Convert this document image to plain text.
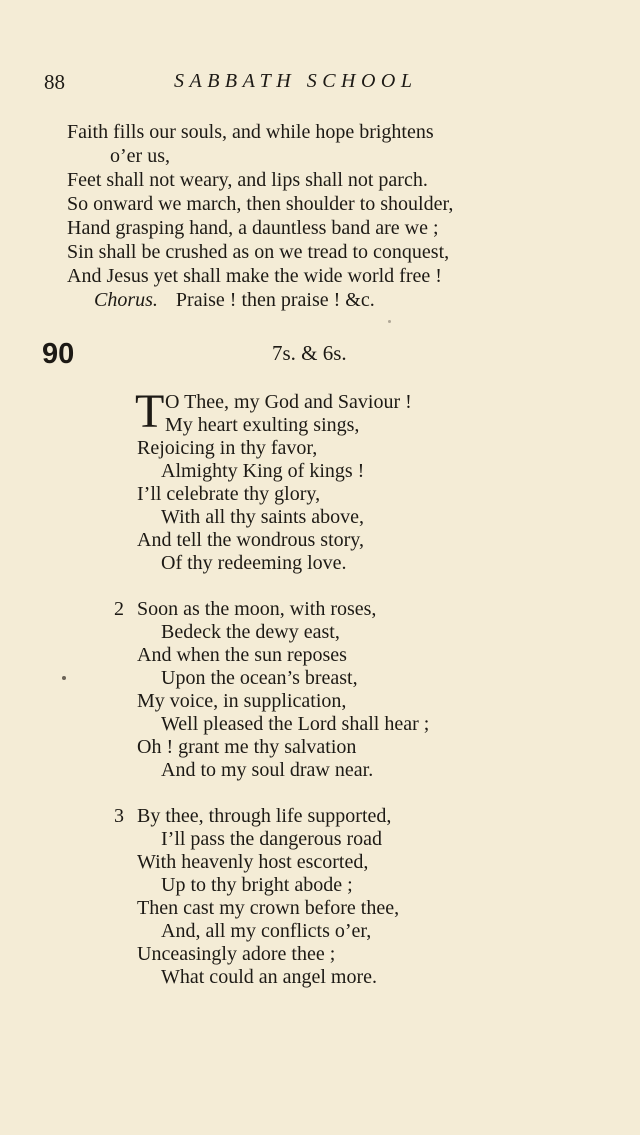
88	SABBATH SCHOOL
Faith fills our souls, and while hope brightens
o’er us,
Feet shall not weary, and lips shall not parch.
So onward we march, then shoulder to shoulder,
Hand grasping hand, a dauntless band are we ;
Sin shall be crushed as on we tread to conquest,
And Jesus yet shall make the wide world free !
Chorus. Praise ! then praise ! &c.
90	7s. & 6s.
T O Thee, my God and Saviour !
My heart exulting sings,
Rejoicing in thy favor,
Almighty King of kings !
I’ll celebrate thy glory,
With all thy saints above,
And tell the wondrous story,
Of thy redeeming love.
2 Soon as the moon, with roses,
Bedeck the dewy east,
And when the sun reposes
Upon the ocean’s breast,
My voice, in supplication,
Well pleased the Lord shall hear ;
Oh ! grant me thy salvation
And to my soul draw near.
3 By thee, through life supported,
I’ll pass the dangerous road
With heavenly host escorted,
Up to thy bright abode ;
Then cast my crown before thee,
And, all my conflicts o’er,
Unceasingly adore thee ;
What could an angel more.
